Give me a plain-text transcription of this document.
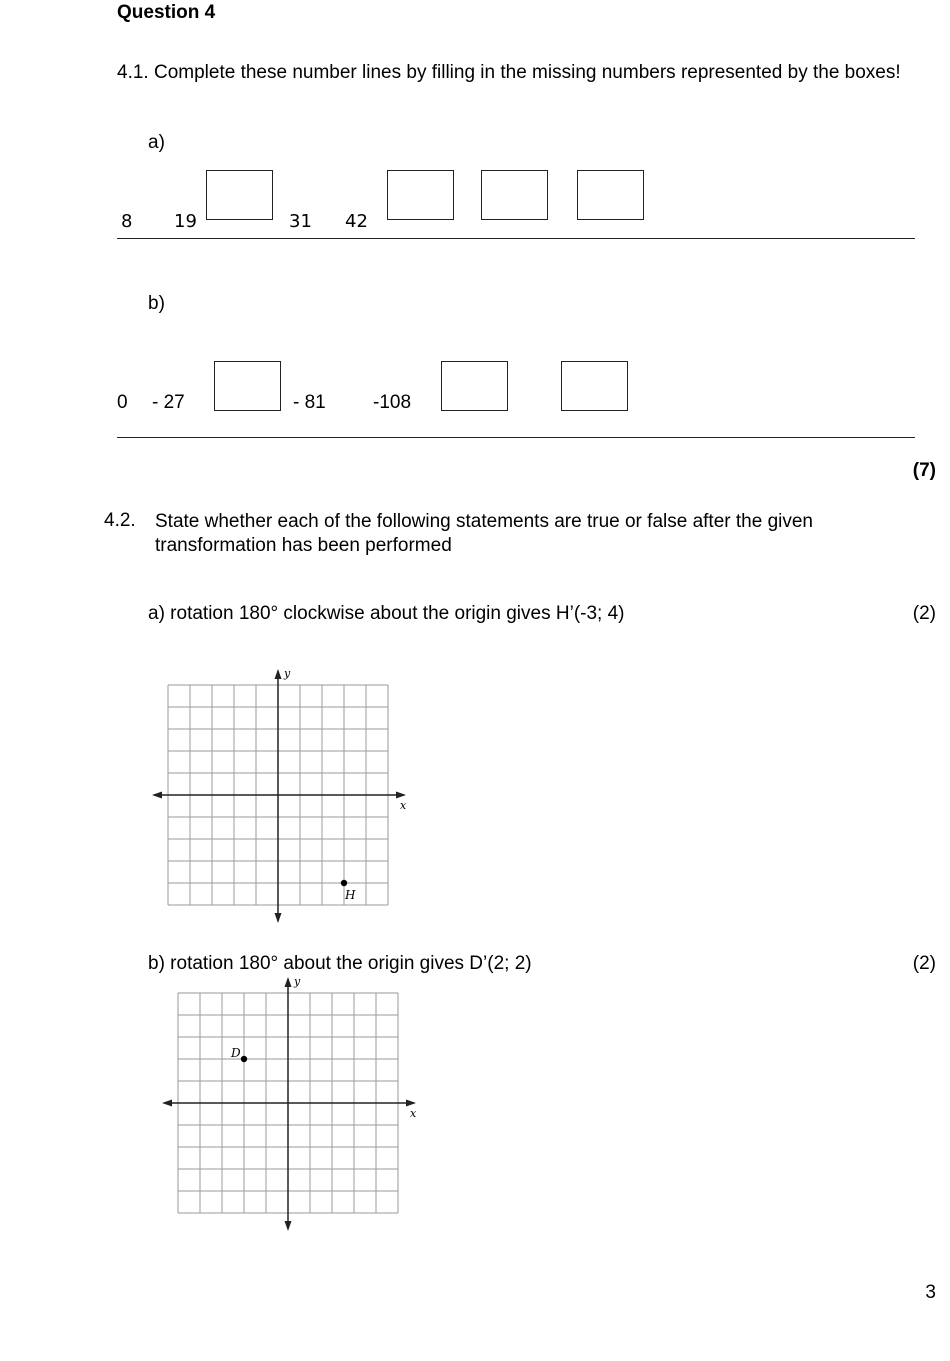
Question 4
4.1. Complete these number lines by filling in the missing numbers represented by the boxes!
a)
8 19	31 42
b)
0 - 27	- 81 -108
(7)
4.2. State whether each of the following statements are true or false after the given transformation has been performed
a) rotation 180° clockwise about the origin gives H’(-3; 4)	(2)
x
y
H
b) rotation 180° about the origin gives D’(2; 2)	(2)
x
y
D
3
